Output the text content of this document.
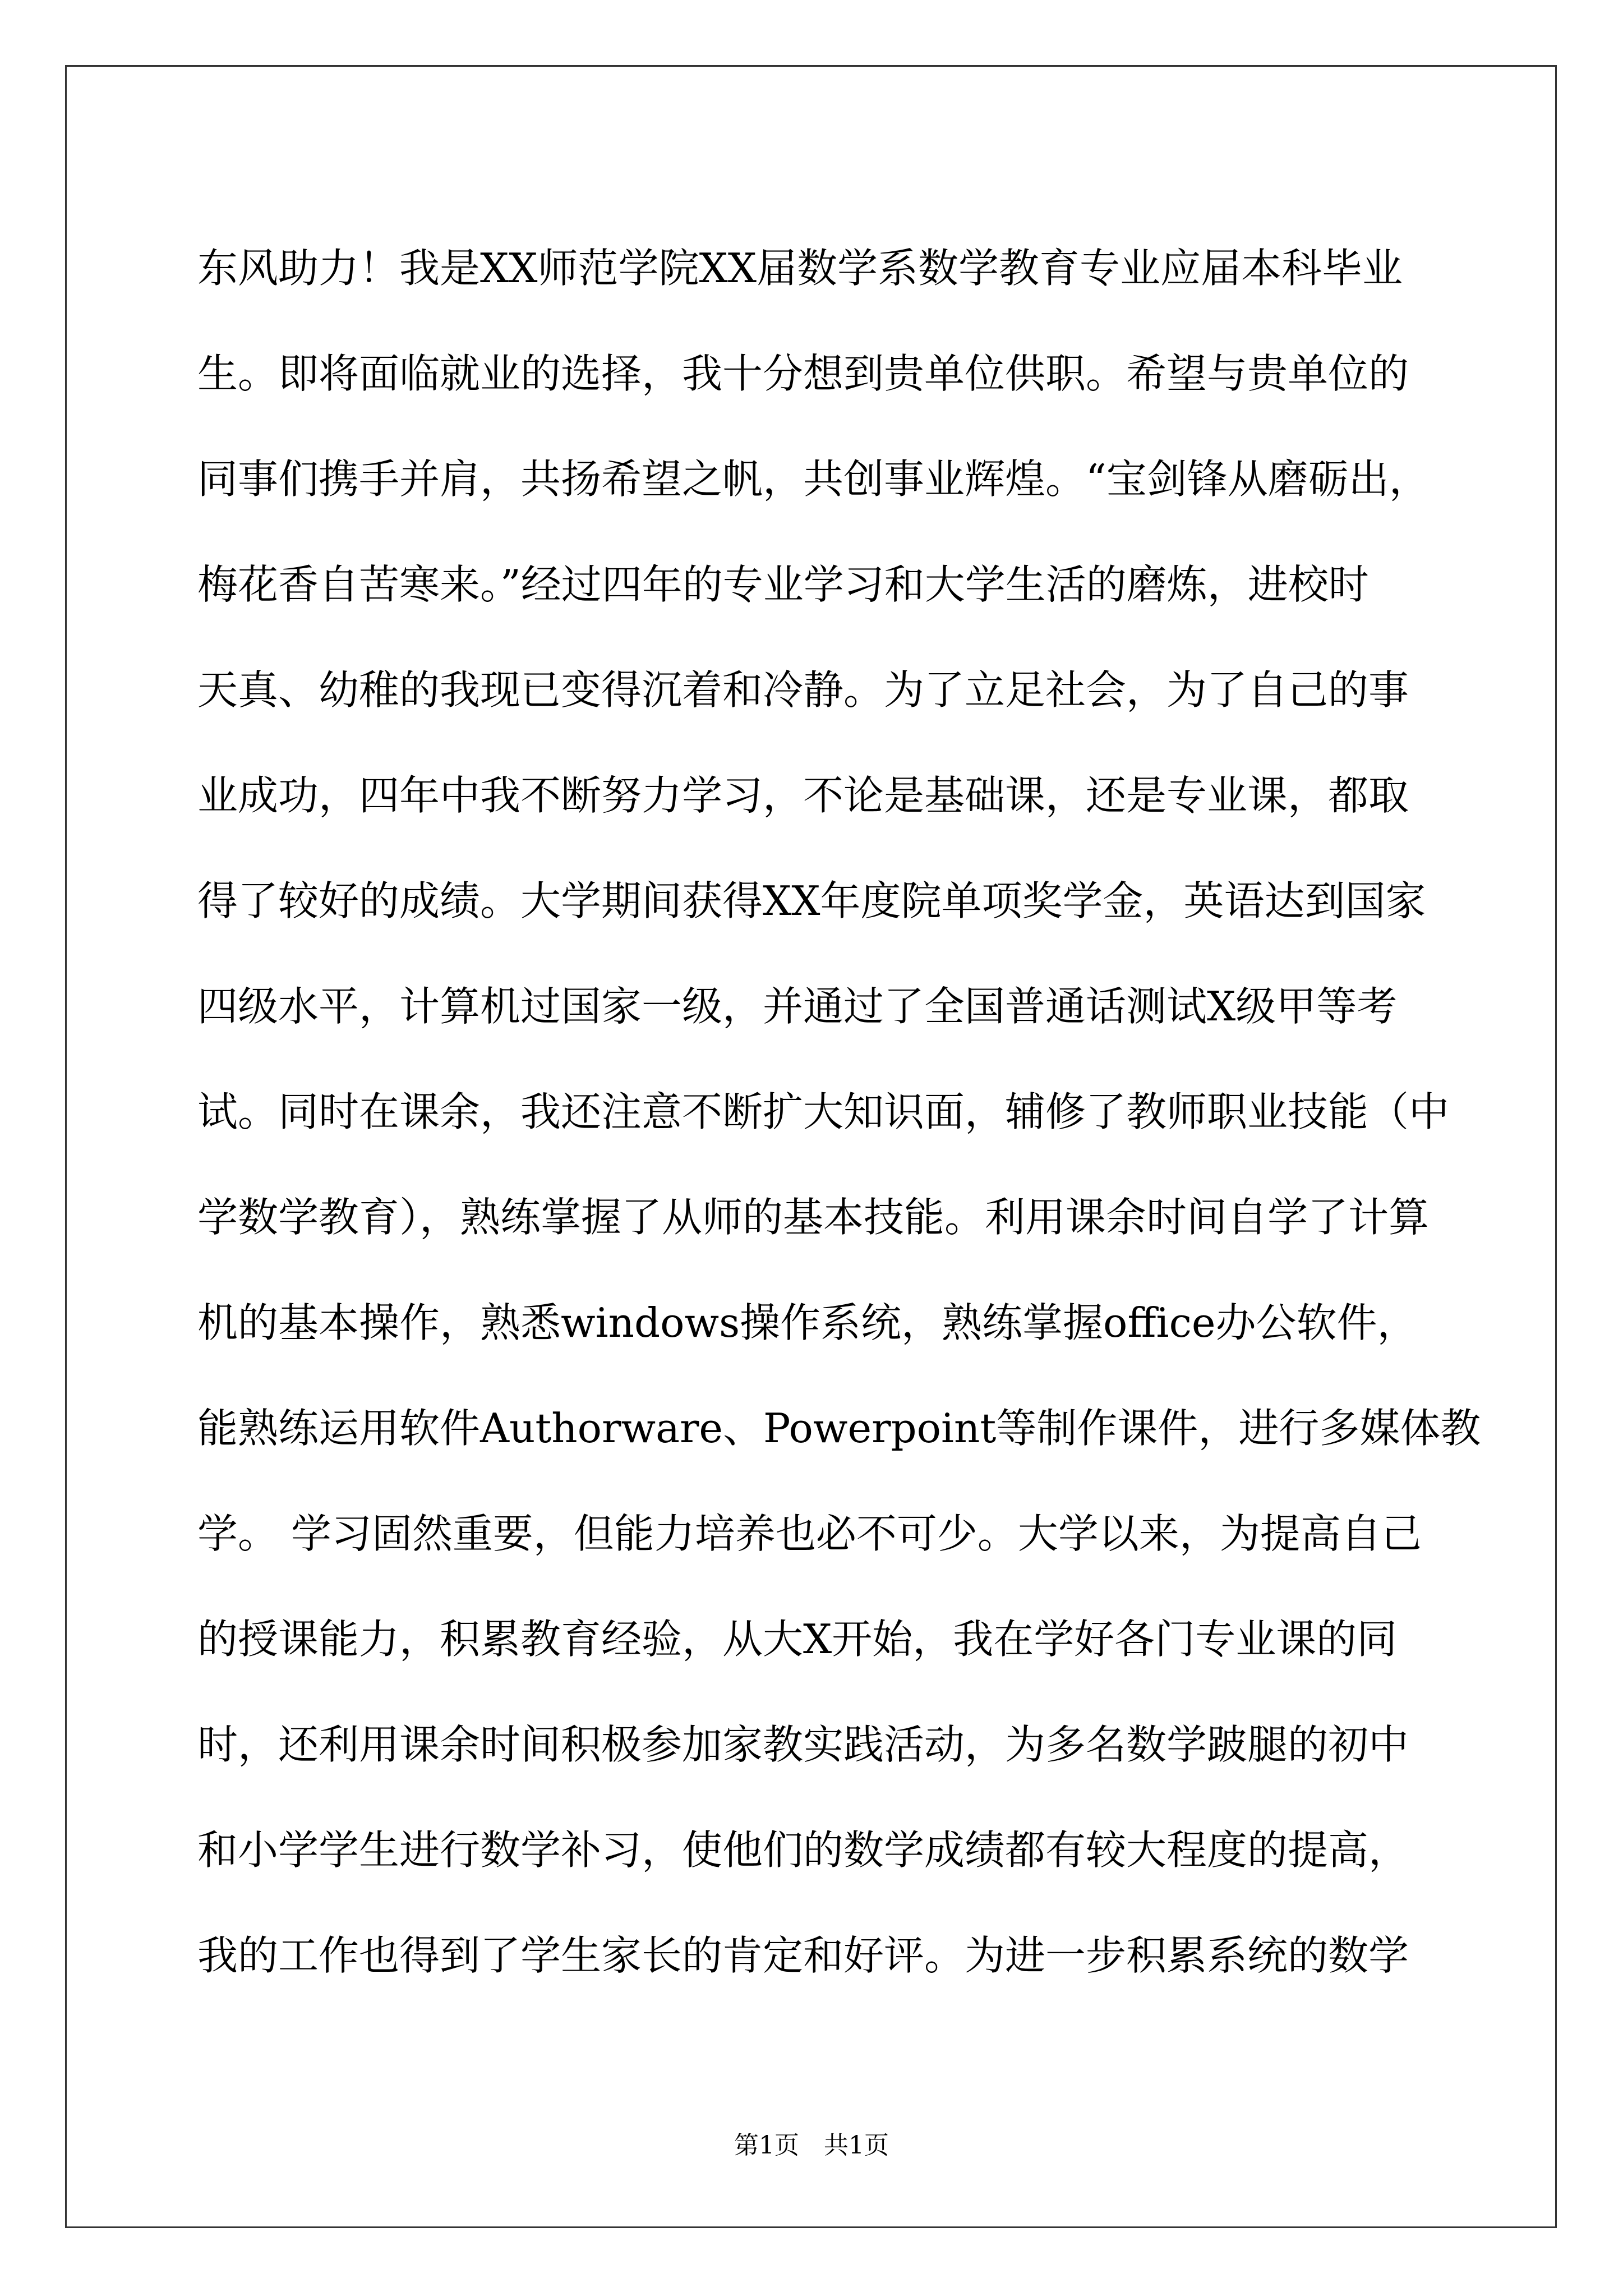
东风助力！我是XX师范学院XX届数学系数学教育专业应届本科毕业
生。即将面临就业的选择，我十分想到贵单位供职。希望与贵单位的
同事们携手并肩，共扬希望之帆，共创事业辉煌。“宝剑锋从磨砺出，
梅花香自苦寒来。”经过四年的专业学习和大学生活的磨炼，进校时
天真、幼稚的我现已变得沉着和冷静。为了立足社会，为了自己的事
业成功，四年中我不断努力学习，不论是基础课，还是专业课，都取
得了较好的成绩。大学期间获得XX年度院单项奖学金，英语达到国家
四级水平，计算机过国家一级，并通过了全国普通话测试X级甲等考
试。同时在课余，我还注意不断扩大知识面，辅修了教师职业技能（中
学数学教育），熟练掌握了从师的基本技能。利用课余时间自学了计算
机的基本操作，熟悉windows操作系统，熟练掌握office办公软件，
能熟练运用软件Authorware、Powerpoint等制作课件，进行多媒体教
学。 学习固然重要，但能力培养也必不可少。大学以来，为提高自己
的授课能力，积累教育经验，从大X开始，我在学好各门专业课的同
时，还利用课余时间积极参加家教实践活动，为多名数学跛腿的初中
和小学学生进行数学补习，使他们的数学成绩都有较大程度的提高，
我的工作也得到了学生家长的肯定和好评。为进一步积累系统的数学
第1页　共1页
